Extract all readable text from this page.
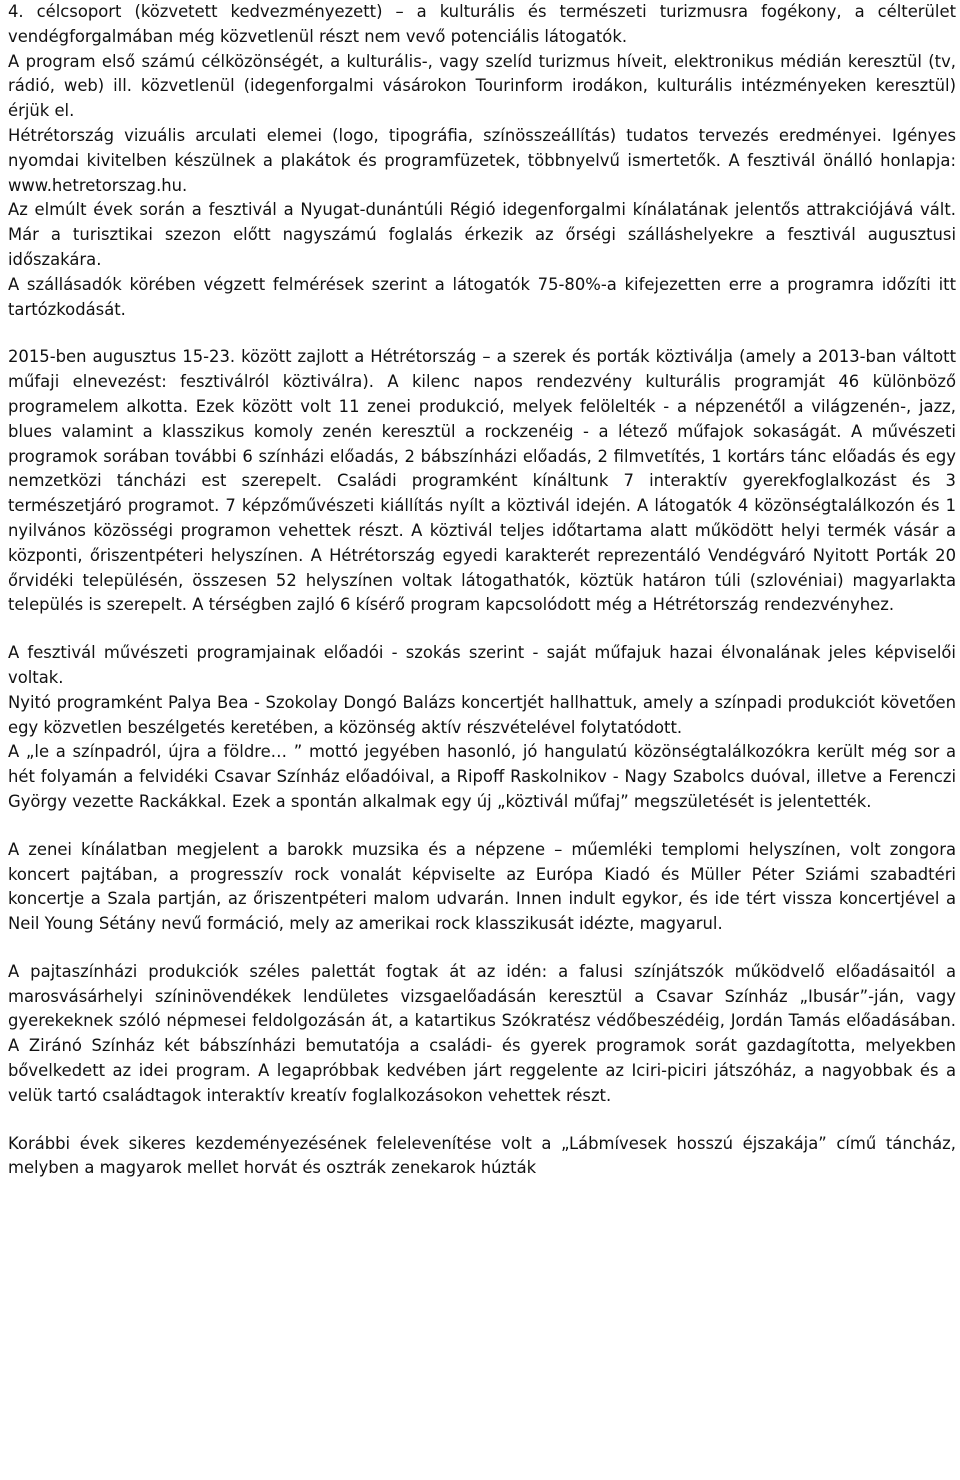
4. célcsoport (közvetett kedvezményezett) – a kulturális és természeti turizmusra fogékony, a célterület vendégforgalmában még közvetlenül részt nem vevő potenciális látogatók.

A program első számú célközönségét, a kulturális-, vagy szelíd turizmus híveit, elektronikus médián keresztül (tv, rádió, web) ill. közvetlenül (idegenforgalmi vásárokon Tourinform irodákon, kulturális intézményeken keresztül) érjük el.

Hétrétország vizuális arculati elemei (logo, tipográfia, színösszeállítás) tudatos tervezés eredményei. Igényes nyomdai kivitelben készülnek a plakátok és programfüzetek, többnyelvű ismertetők. A fesztivál önálló honlapja: www.hetretorszag.hu.

Az elmúlt évek során a fesztivál a Nyugat-dunántúli Régió idegenforgalmi kínálatának jelentős attrakciójává vált. Már a turisztikai szezon előtt nagyszámú foglalás érkezik az őrségi szálláshelyekre a fesztivál augusztusi időszakára.

A szállásadók körében végzett felmérések szerint a látogatók 75-80%-a kifejezetten erre a programra időzíti itt tartózkodását.

2015-ben augusztus 15-23. között zajlott a Hétrétország – a szerek és porták köztiválja (amely a 2013-ban váltott műfaji elnevezést: fesztiválról köztiválra). A kilenc napos rendezvény kulturális programját 46 különböző programelem alkotta. Ezek között volt 11 zenei produkció, melyek felölelték - a népzenétől a világzenén-, jazz, blues valamint a klasszikus komoly zenén keresztül a rockzenéig - a létező műfajok sokaságát. A művészeti programok sorában további 6 színházi előadás, 2 bábszínházi előadás, 2 filmvetítés, 1 kortárs tánc előadás és egy nemzetközi táncházi est szerepelt. Családi programként kínáltunk 7 interaktív gyerekfoglalkozást és 3 természetjáró programot. 7 képzőművészeti kiállítás nyílt a köztivál idején. A látogatók 4 közönségtalálkozón és 1 nyilvános közösségi programon vehettek részt. A köztivál teljes időtartama alatt működött helyi termék vásár a központi, őriszentpéteri helyszínen. A Hétrétország egyedi karakterét reprezentáló Vendégváró Nyitott Porták 20 őrvidéki településén, összesen 52 helyszínen voltak látogathatók, köztük határon túli (szlovéniai) magyarlakta település is szerepelt. A térségben zajló 6 kísérő program kapcsolódott még a Hétrétország rendezvényhez.

A fesztivál művészeti programjainak előadói - szokás szerint - saját műfajuk hazai élvonalának jeles képviselői voltak.

Nyitó programként Palya Bea - Szokolay Dongó Balázs koncertjét hallhattuk, amely a színpadi produkciót követően egy közvetlen beszélgetés keretében, a közönség aktív részvételével folytatódott.

A „le a színpadról, újra a földre… ” mottó jegyében hasonló, jó hangulatú közönségtalálkozókra került még sor a hét folyamán a felvidéki Csavar Színház előadóival, a Ripoff Raskolnikov - Nagy Szabolcs duóval, illetve a Ferenczi György vezette Rackákkal. Ezek a spontán alkalmak egy új „köztivál műfaj” megszületését is jelentették.

A zenei kínálatban megjelent a barokk muzsika és a népzene – műemléki templomi helyszínen, volt zongora koncert pajtában, a progresszív rock vonalát képviselte az Európa Kiadó és Müller Péter Sziámi szabadtéri koncertje a Szala partján, az őriszentpéteri malom udvarán. Innen indult egykor, és ide tért vissza koncertjével a Neil Young Sétány nevű formáció, mely az amerikai rock klasszikusát idézte, magyarul.

A pajtaszínházi produkciók széles palettát fogtak át az idén: a falusi színjátszók működvelő előadásaitól a marosvásárhelyi színinövendékek lendületes vizsgaelőadásán keresztül a Csavar Színház „Ibusár”-ján, vagy gyerekeknek szóló népmesei feldolgozásán át, a katartikus Szókratész védőbeszédéig, Jordán Tamás előadásában. A Ziránó Színház két bábszínházi bemutatója a családi- és gyerek programok sorát gazdagította, melyekben bővelkedett az idei program. A legapróbbak kedvében járt reggelente az Iciri-piciri játszóház, a nagyobbak és a velük tartó családtagok interaktív kreatív foglalkozásokon vehettek részt.

Korábbi évek sikeres kezdeményezésének felelevenítése volt a „Lábmívesek hosszú éjszakája” című táncház, melyben a magyarok mellet horvát és osztrák zenekarok húzták
